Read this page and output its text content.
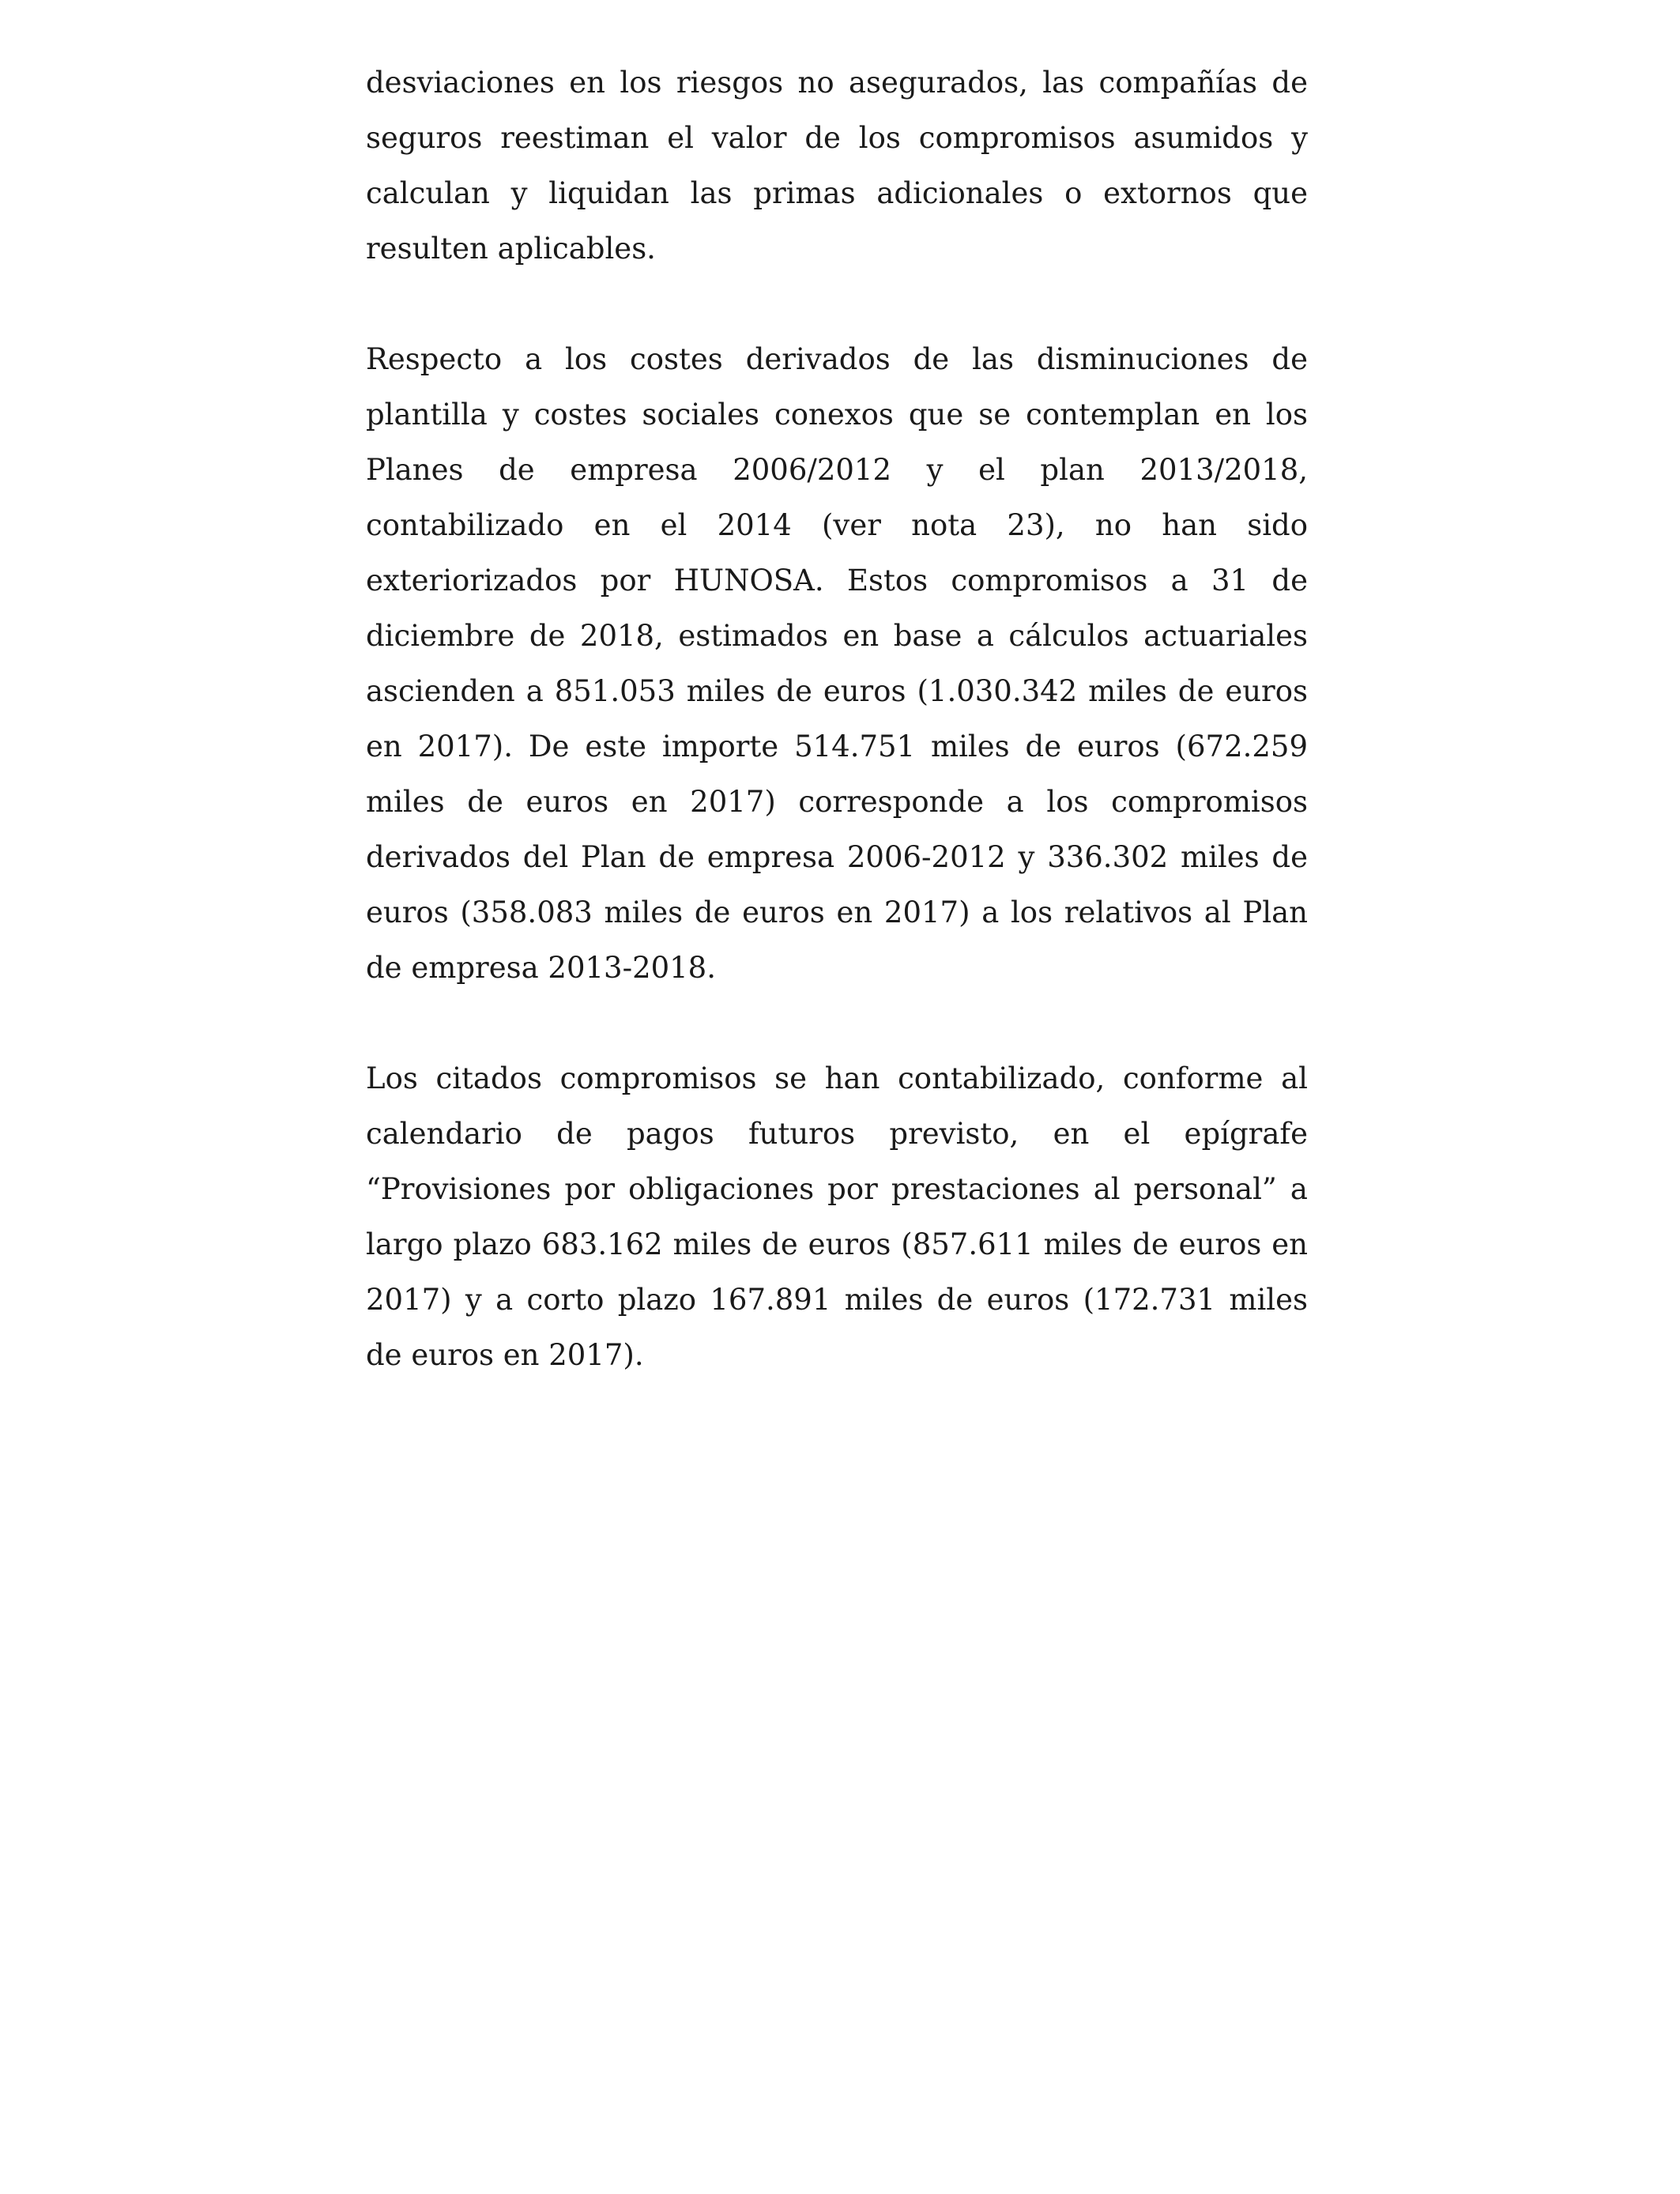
desviaciones en los riesgos no asegurados, las compañías de seguros reestiman el valor de los compromisos asumidos y calculan y liquidan las primas adicionales o extornos que resulten aplicables.

Respecto a los costes derivados de las disminuciones de plantilla y costes sociales conexos que se contemplan en los Planes de empresa 2006/2012 y el plan 2013/2018, contabilizado en el 2014 (ver nota 23), no han sido exteriorizados por HUNOSA. Estos compromisos a 31 de diciembre de 2018, estimados en base a cálculos actuariales ascienden a 851.053 miles de euros (1.030.342 miles de euros en 2017). De este importe 514.751 miles de euros (672.259 miles de euros en 2017) corresponde a los compromisos derivados del Plan de empresa 2006-2012 y 336.302 miles de euros (358.083 miles de euros en 2017) a los relativos al Plan de empresa 2013-2018.

Los citados compromisos se han contabilizado, conforme al calendario de pagos futuros previsto, en el epígrafe “Provisiones por obligaciones por prestaciones al personal” a largo plazo 683.162 miles de euros (857.611 miles de euros en 2017) y a corto plazo 167.891 miles de euros (172.731 miles de euros en 2017).
